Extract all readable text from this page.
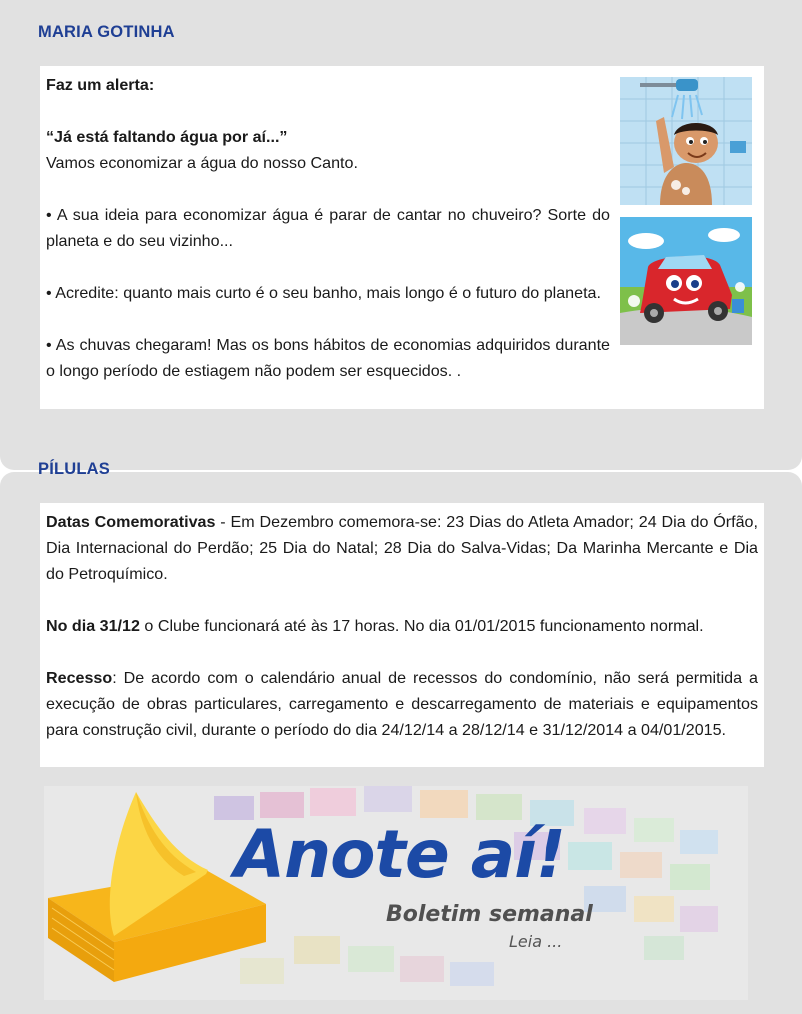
MARIA GOTINHA

Faz um alerta:

“Já está faltando água por aí...”

Vamos economizar a água do nosso Canto.

• A sua ideia para economizar água é parar de cantar no chuveiro? Sorte do planeta e do seu vizinho...

• Acredite: quanto mais curto é o seu banho, mais longo é o futuro do planeta.

• As chuvas chegaram! Mas os bons hábitos de economias adquiridos durante o longo período de estiagem não podem ser esquecidos. .

PÍLULAS

Datas Comemorativas - Em Dezembro comemora-se: 23 Dias do Atleta Amador; 24 Dia do Órfão, Dia Internacional do Perdão; 25 Dia do Natal; 28 Dia do Salva-Vidas; Da Marinha Mercante e Dia do Petroquímico.

No dia 31/12 o Clube funcionará até às 17 horas. No dia 01/01/2015 funcionamento normal.

Recesso: De acordo com o calendário anual de recessos do condomínio, não será permitida a execução de obras particulares, carregamento e descarregamento de materiais e equipamentos para construção civil, durante o período do dia 24/12/14 a 28/12/14 e 31/12/2014 a 04/01/2015.

Anote aí!

Boletim semanal

Leia ...
